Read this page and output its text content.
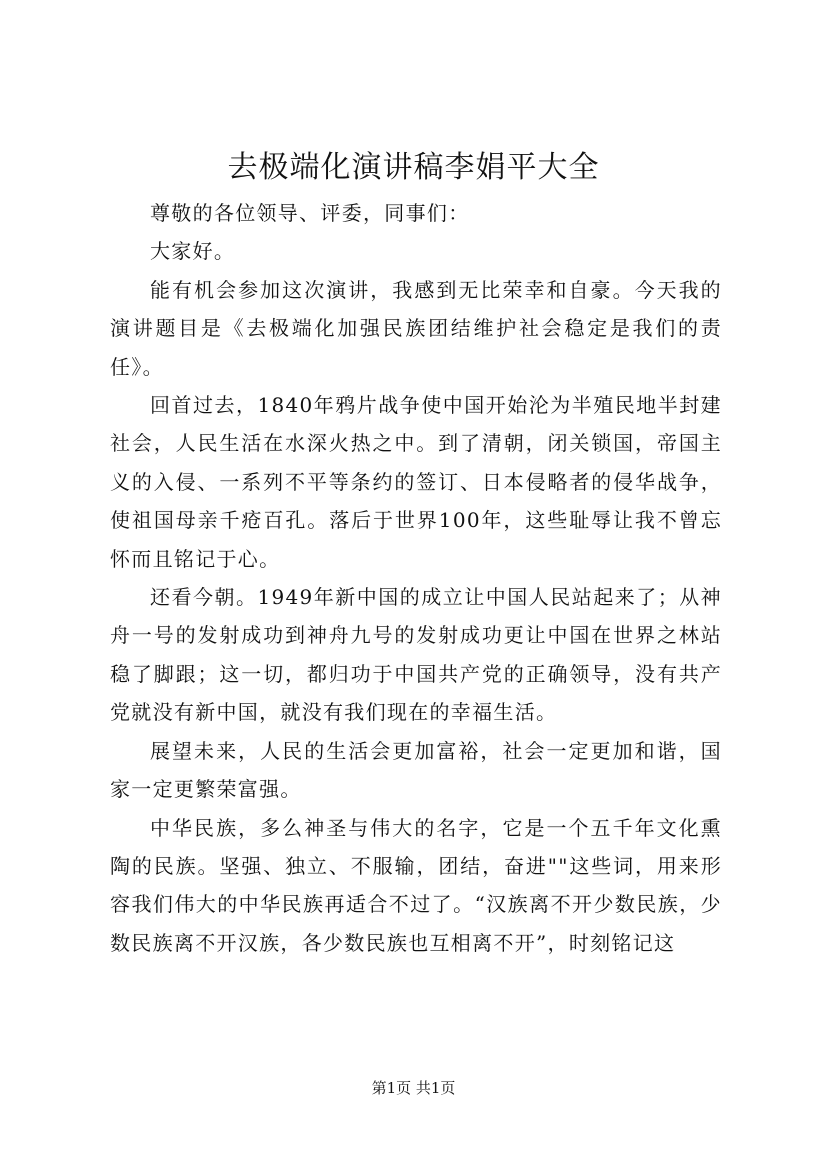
去极端化演讲稿李娟平大全

尊敬的各位领导、评委，同事们：

大家好。

能有机会参加这次演讲，我感到无比荣幸和自豪。今天我的演讲题目是《去极端化加强民族团结维护社会稳定是我们的责任》。

回首过去，1840年鸦片战争使中国开始沦为半殖民地半封建社会，人民生活在水深火热之中。到了清朝，闭关锁国，帝国主义的入侵、一系列不平等条约的签订、日本侵略者的侵华战争，使祖国母亲千疮百孔。落后于世界100年，这些耻辱让我不曾忘怀而且铭记于心。

还看今朝。1949年新中国的成立让中国人民站起来了；从神舟一号的发射成功到神舟九号的发射成功更让中国在世界之林站稳了脚跟；这一切，都归功于中国共产党的正确领导，没有共产党就没有新中国，就没有我们现在的幸福生活。

展望未来，人民的生活会更加富裕，社会一定更加和谐，国家一定更繁荣富强。

中华民族，多么神圣与伟大的名字，它是一个五千年文化熏陶的民族。坚强、独立、不服输，团结，奋进""这些词，用来形容我们伟大的中华民族再适合不过了。“汉族离不开少数民族，少数民族离不开汉族，各少数民族也互相离不开”，时刻铭记这

第1页 共1页
